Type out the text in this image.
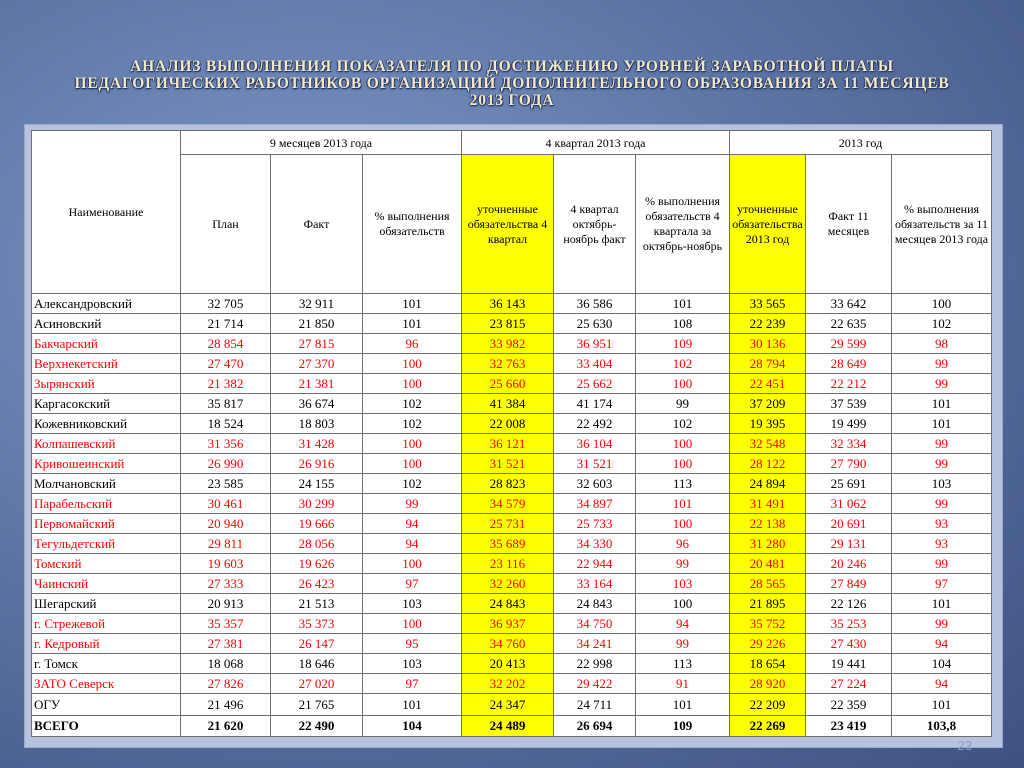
АНАЛИЗ ВЫПОЛНЕНИЯ ПОКАЗАТЕЛЯ ПО ДОСТИЖЕНИЮ УРОВНЕЙ ЗАРАБОТНОЙ ПЛАТЫ
ПЕДАГОГИЧЕСКИХ РАБОТНИКОВ ОРГАНИЗАЦИЙ ДОПОЛНИТЕЛЬНОГО ОБРАЗОВАНИЯ ЗА 11 МЕСЯЦЕВ
2013 ГОДА
Наименование	9 месяцев 2013 года			4 квартал 2013 года			2013 год		
	План	Факт	% выполнения обязательств	уточненные обязательства 4 квартал	4 квартал октябрь-ноябрь факт	% выполнения обязательств 4 квартала за октябрь-ноябрь	уточненные обязательства 2013 год	Факт 11 месяцев	% выполнения обязательств за 11 месяцев 2013 года
Александровский	32 705	32 911	101	36 143	36 586	101	33 565	33 642	100
Асиновский	21 714	21 850	101	23 815	25 630	108	22 239	22 635	102
Бакчарский	28 854	27 815	96	33 982	36 951	109	30 136	29 599	98
Верхнекетский	27 470	27 370	100	32 763	33 404	102	28 794	28 649	99
Зырянский	21 382	21 381	100	25 660	25 662	100	22 451	22 212	99
Каргасокский	35 817	36 674	102	41 384	41 174	99	37 209	37 539	101
Кожевниковский	18 524	18 803	102	22 008	22 492	102	19 395	19 499	101
Колпашевский	31 356	31 428	100	36 121	36 104	100	32 548	32 334	99
Кривошеинский	26 990	26 916	100	31 521	31 521	100	28 122	27 790	99
Молчановский	23 585	24 155	102	28 823	32 603	113	24 894	25 691	103
Парабельский	30 461	30 299	99	34 579	34 897	101	31 491	31 062	99
Первомайский	20 940	19 666	94	25 731	25 733	100	22 138	20 691	93
Тегульдетский	29 811	28 056	94	35 689	34 330	96	31 280	29 131	93
Томский	19 603	19 626	100	23 116	22 944	99	20 481	20 246	99
Чаинский	27 333	26 423	97	32 260	33 164	103	28 565	27 849	97
Шегарский	20 913	21 513	103	24 843	24 843	100	21 895	22 126	101
г. Стрежевой	35 357	35 373	100	36 937	34 750	94	35 752	35 253	99
г. Кедровый	27 381	26 147	95	34 760	34 241	99	29 226	27 430	94
г. Томск	18 068	18 646	103	20 413	22 998	113	18 654	19 441	104
ЗАТО Северск	27 826	27 020	97	32 202	29 422	91	28 920	27 224	94
ОГУ	21 496	21 765	101	24 347	24 711	101	22 209	22 359	101
ВСЕГО	21 620	22 490	104	24 489	26 694	109	22 269	23 419	103,8
23
